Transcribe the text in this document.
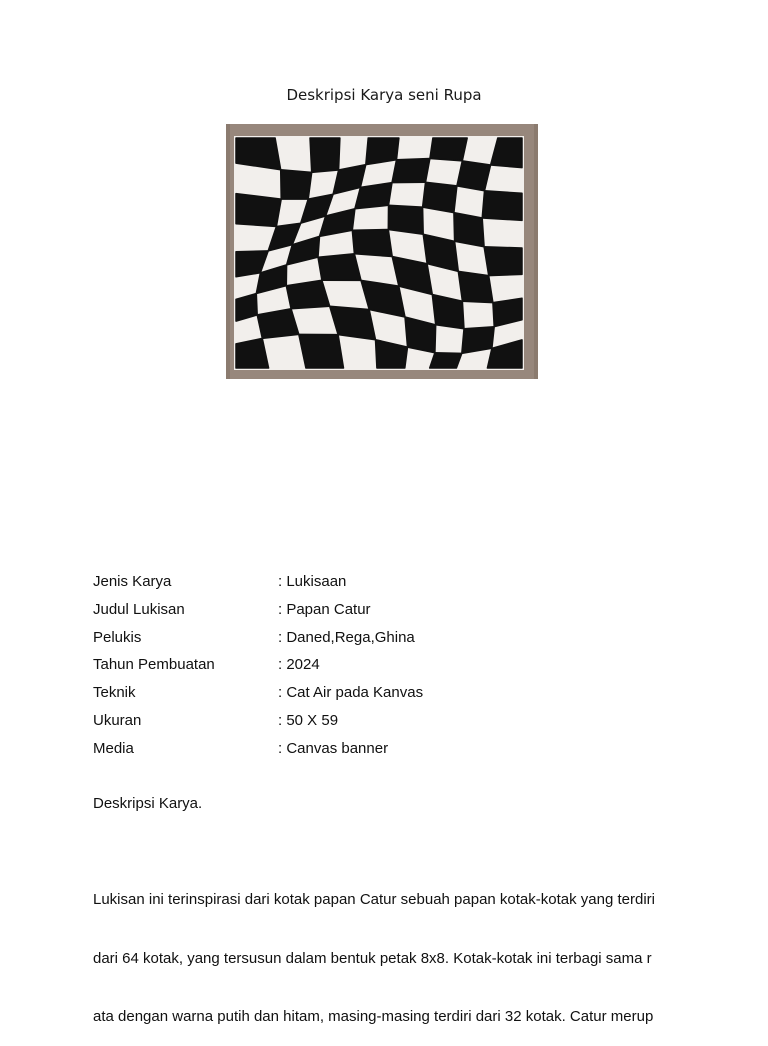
Deskripsi Karya seni Rupa
Jenis Karya	: Lukisaan
Judul Lukisan	: Papan Catur
Pelukis	: Daned,Rega,Ghina
Tahun Pembuatan	: 2024
Teknik	: Cat Air pada Kanvas
Ukuran	: 50 X 59
Media	: Canvas banner
Deskripsi Karya.

Lukisan ini terinspirasi dari kotak papan Catur sebuah papan kotak-kotak yang terdiri

dari 64 kotak, yang tersusun dalam bentuk petak 8x8. Kotak-kotak ini terbagi sama r

ata dengan warna putih dan hitam, masing-masing terdiri dari 32 kotak. Catur merup
